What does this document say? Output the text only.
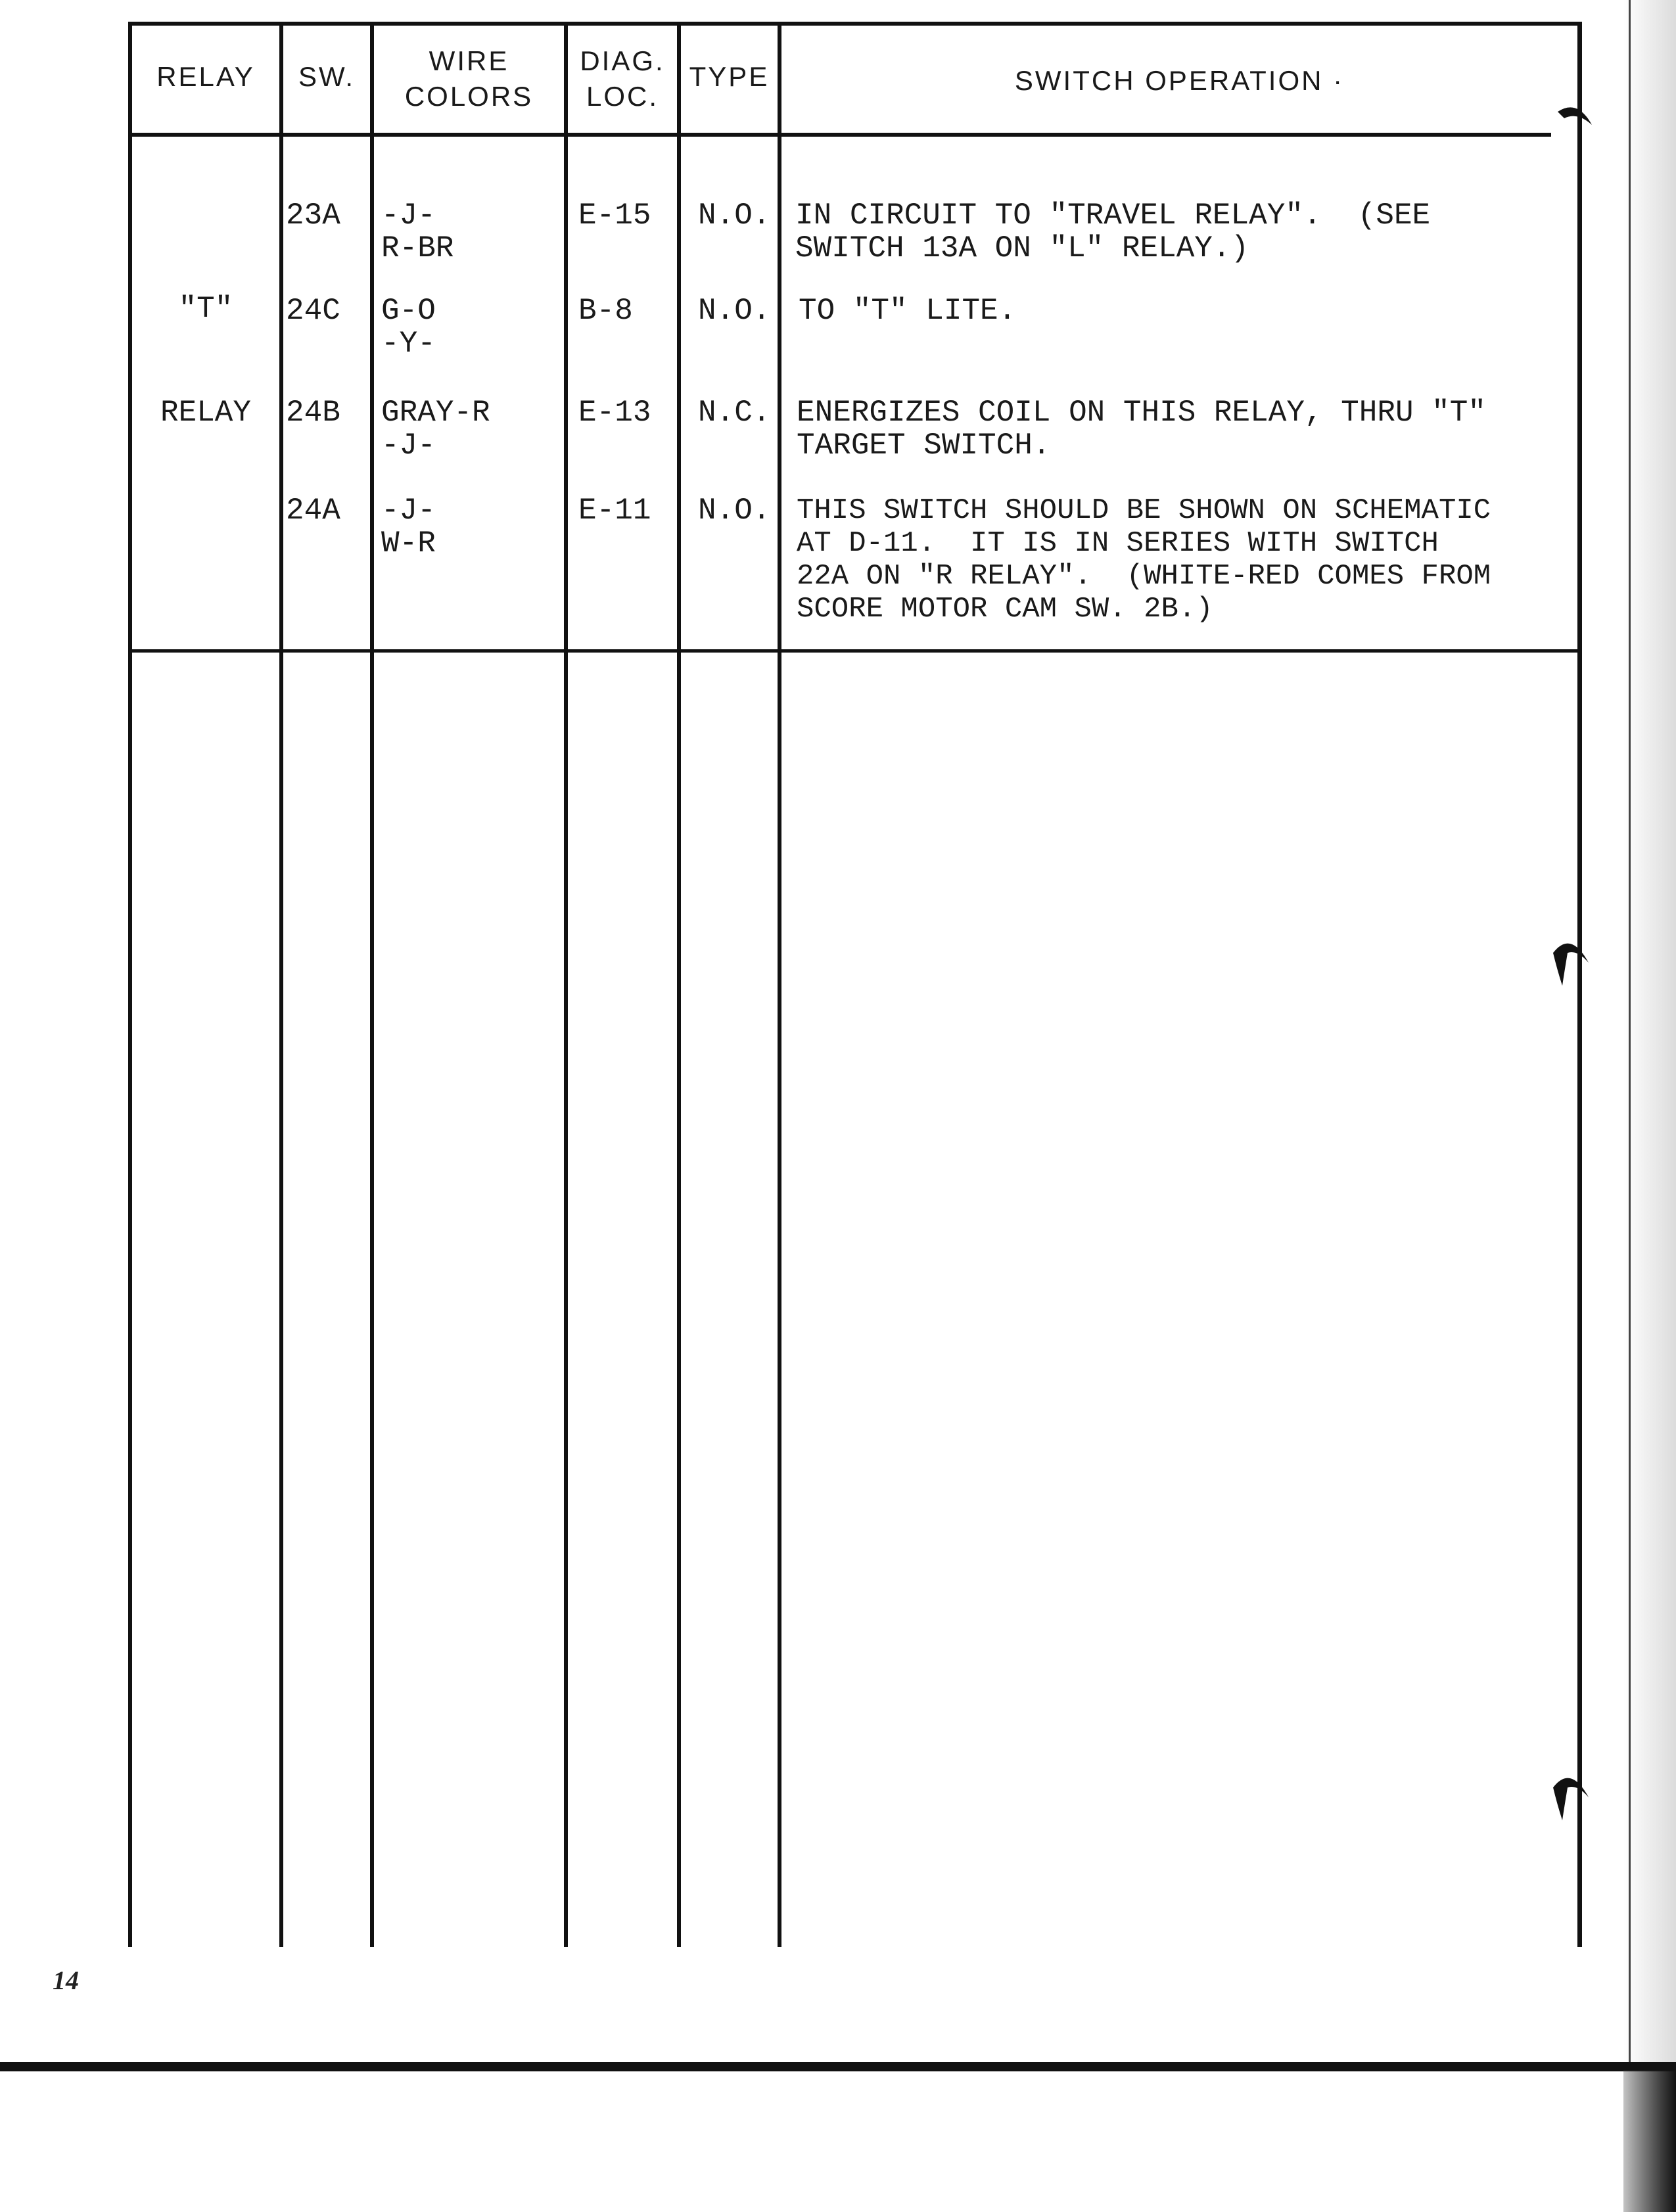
RELAY	SW.
WIRE
COLORS
DIAG.
LOC.
TYPE	SWITCH OPERATION ·
"T"
RELAY
23A -J-
R-BR
E-15 N.O. IN CIRCUIT TO "TRAVEL RELAY".  (SEE
SWITCH 13A ON "L" RELAY.)
24C G-O
-Y-
B-8 N.O. TO "T" LITE.
24B GRAY-R
-J-
E-13 N.C. ENERGIZES COIL ON THIS RELAY, THRU "T"
TARGET SWITCH.
24A -J-
W-R
E-11 N.O. THIS SWITCH SHOULD BE SHOWN ON SCHEMATIC
AT D-11.  IT IS IN SERIES WITH SWITCH
22A ON "R RELAY".  (WHITE-RED COMES FROM
SCORE MOTOR CAM SW. 2B.)
14
